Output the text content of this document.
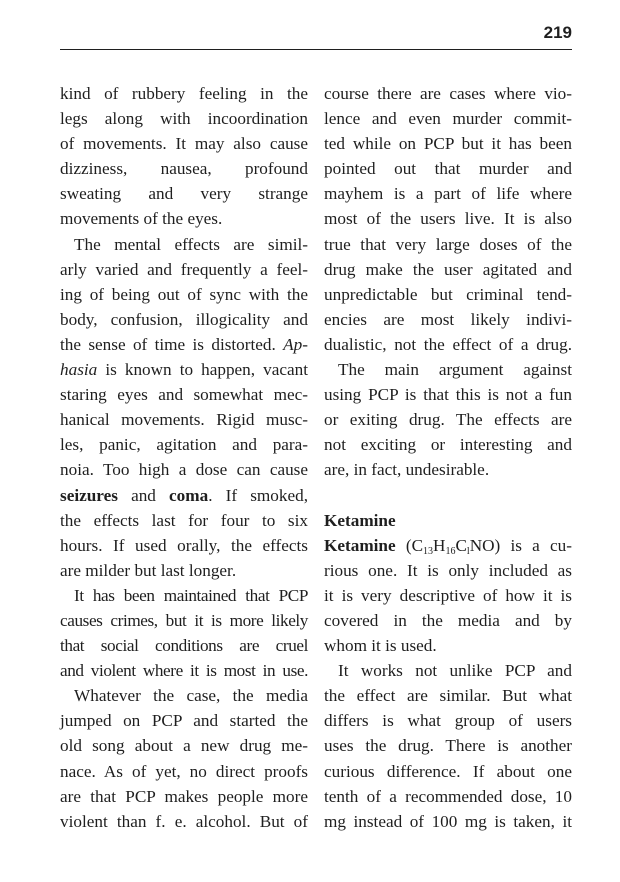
219
kind of rubbery feeling in the
legs along with incoordination
of movements. It may also cause
dizziness, nausea, profound
sweating and very strange
movements of the eyes.
The mental effects are simil-
arly varied and frequently a feel-
ing of being out of sync with the
body, confusion, illogicality and
the sense of time is distorted. Ap-
hasia is known to happen, vacant
staring eyes and somewhat mec-
hanical movements. Rigid musc-
les, panic, agitation and para-
noia. Too high a dose can cause
seizures and coma. If smoked,
the effects last for four to six
hours. If used orally, the effects
are milder but last longer.
It has been maintained that PCP
causes crimes, but it is more likely
that social conditions are cruel
and violent where it is most in use.
Whatever the case, the media
jumped on PCP and started the
old song about a new drug me-
nace. As of yet, no direct proofs
are that PCP makes people more
violent than f. e. alcohol. But of
course there are cases where vio-
lence and even murder commit-
ted while on PCP but it has been
pointed out that murder and
mayhem is a part of life where
most of the users live. It is also
true that very large doses of the
drug make the user agitated and
unpredictable but criminal tend-
encies are most likely indivi-
dualistic, not the effect of a drug.
The main argument against
using PCP is that this is not a fun
or exiting drug. The effects are
not exciting or interesting and
are, in fact, undesirable.
Ketamine
Ketamine $(C_{13}H_{16}C_lNO)$ is a cu-
rious one. It is only included as
it is very descriptive of how it is
covered in the media and by
whom it is used.
It works not unlike PCP and
the effect are similar. But what
differs is what group of users
uses the drug. There is another
curious difference. If about one
tenth of a recommended dose, 10
mg instead of 100 mg is taken, it
